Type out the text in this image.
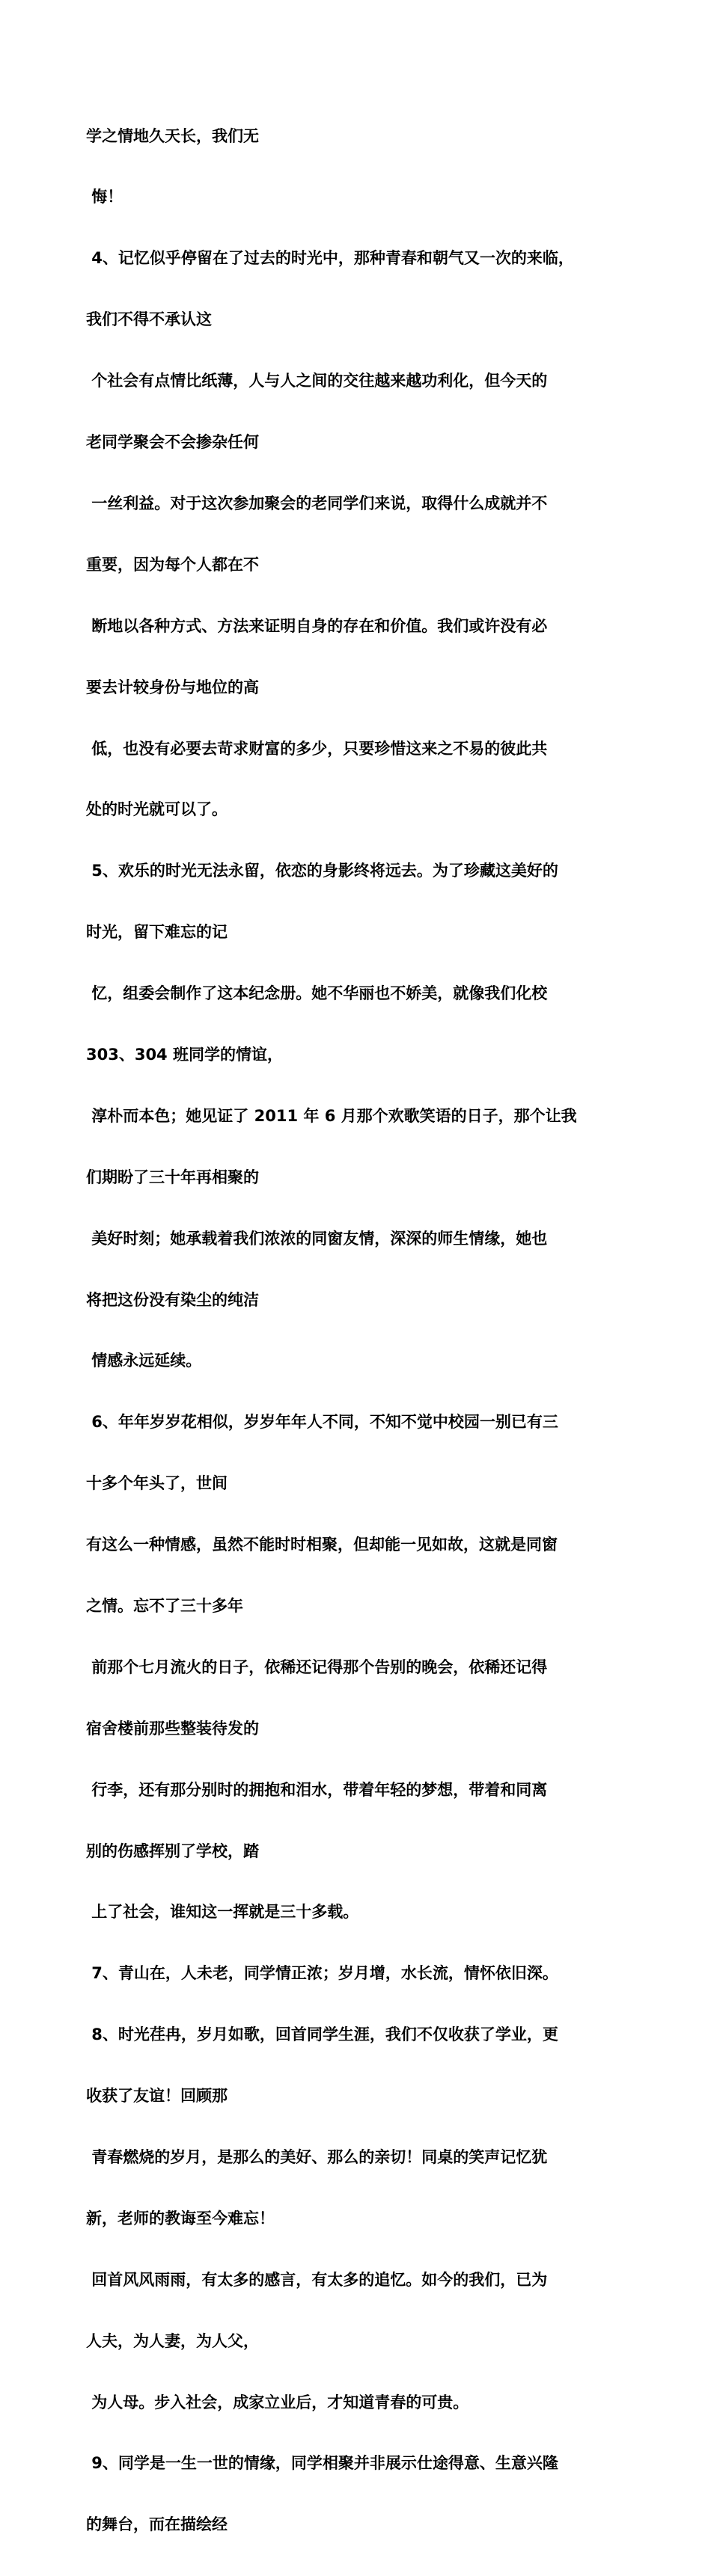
学之情地久天长，我们无

悔！

4、记忆似乎停留在了过去的时光中，那种青春和朝气又一次的来临，

我们不得不承认这

个社会有点情比纸薄，人与人之间的交往越来越功利化，但今天的

老同学聚会不会掺杂任何

一丝利益。对于这次参加聚会的老同学们来说，取得什么成就并不

重要，因为每个人都在不

断地以各种方式、方法来证明自身的存在和价值。我们或许没有必

要去计较身份与地位的高

低，也没有必要去苛求财富的多少，只要珍惜这来之不易的彼此共

处的时光就可以了。

5、欢乐的时光无法永留，依恋的身影终将远去。为了珍藏这美好的

时光，留下难忘的记

忆，组委会制作了这本纪念册。她不华丽也不娇美，就像我们化校

303、304 班同学的情谊，

淳朴而本色；她见证了 2011 年 6 月那个欢歌笑语的日子，那个让我

们期盼了三十年再相聚的

美好时刻；她承载着我们浓浓的同窗友情，深深的师生情缘，她也

将把这份没有染尘的纯洁

情感永远延续。

6、年年岁岁花相似，岁岁年年人不同，不知不觉中校园一别已有三

十多个年头了，世间

有这么一种情感，虽然不能时时相聚，但却能一见如故，这就是同窗

之情。忘不了三十多年

前那个七月流火的日子，依稀还记得那个告别的晚会，依稀还记得

宿舍楼前那些整装待发的

行李，还有那分别时的拥抱和泪水，带着年轻的梦想，带着和同离

别的伤感挥别了学校，踏

上了社会，谁知这一挥就是三十多载。

7、青山在，人未老，同学情正浓；岁月增，水长流，情怀依旧深。

8、时光荏冉，岁月如歌，回首同学生涯，我们不仅收获了学业，更

收获了友谊！回顾那

青春燃烧的岁月，是那么的美好、那么的亲切！同桌的笑声记忆犹

新，老师的教诲至今难忘！

回首风风雨雨，有太多的感言，有太多的追忆。如今的我们，已为

人夫，为人妻，为人父，

为人母。步入社会，成家立业后，才知道青春的可贵。

9、同学是一生一世的情缘，同学相聚并非展示仕途得意、生意兴隆

的舞台，而在描绘经
